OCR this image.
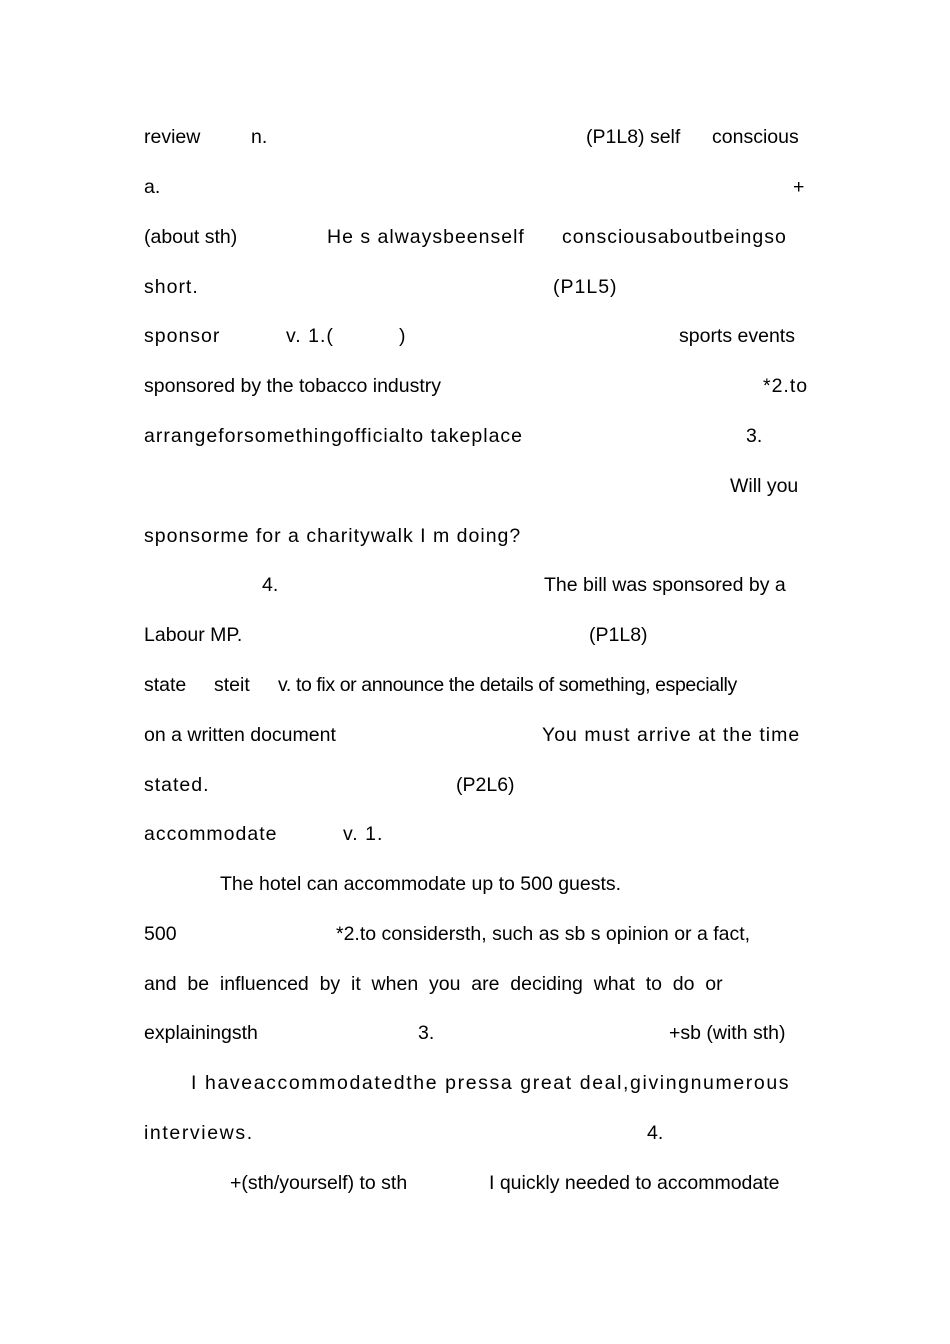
review	n.	(P1L8) self conscious
a.	+
(about sth)	He s alwaysbeenself consciousaboutbeingso
short.	(P1L5)
sponsor	v. 1.(	)	sports events
sponsored by the tobacco industry	*2.to
arrangeforsomethingofficialto takeplace	3.
Will you
sponsorme for a charitywalk I m doing?
4.	The bill was sponsored by a
Labour MP.	(P1L8)
state steit v. to fix or announce the details of something, especially
on a written document	You must arrive at the time
stated.	(P2L6)
accommodate	v. 1.
The hotel can accommodate up to 500 guests.
500	*2.to considersth, such as sb s opinion or a fact,
and be influenced by it when you are deciding what to do or
explainingsth	3.	+sb (with sth)
I haveaccommodatedthe pressa great deal,givingnumerous
interviews.	4.
+(sth/yourself) to sth	I quickly needed to accommodate
